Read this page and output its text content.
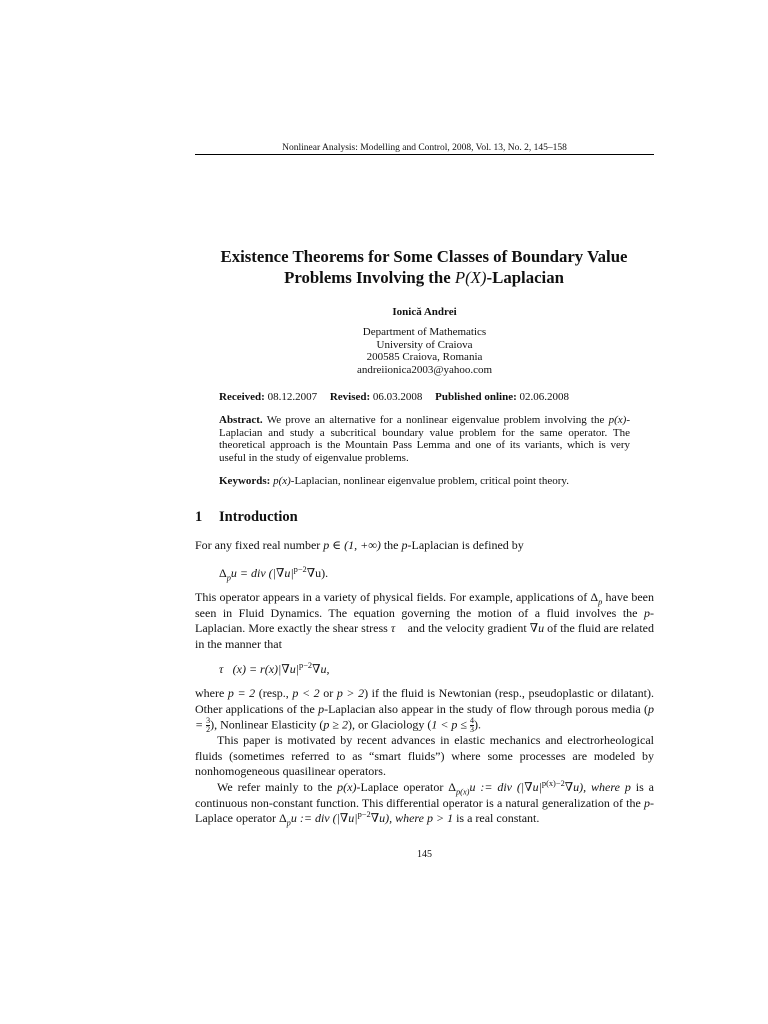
Nonlinear Analysis: Modelling and Control, 2008, Vol. 13, No. 2, 145–158
Existence Theorems for Some Classes of Boundary Value
Problems Involving the P(X)-Laplacian
Ionică Andrei
Department of Mathematics
University of Craiova
200585 Craiova, Romania
andreiionica2003@yahoo.com
Received: 08.12.2007 Revised: 06.03.2008 Published online: 02.06.2008
Abstract. We prove an alternative for a nonlinear eigenvalue problem involving the p(x)-Laplacian and study a subcritical boundary value problem for the same operator. The theoretical approach is the Mountain Pass Lemma and one of its variants, which is very useful in the study of eigenvalue problems.
Keywords: p(x)-Laplacian, nonlinear eigenvalue problem, critical point theory.
1 Introduction
For any fixed real number p ∈ (1, +∞) the p-Laplacian is defined by
$\Delta_pu$ = div $(|\nabla u|^{p-2}\nabla u)$.
This operator appears in a variety of physical fields. For example, applications of $\Delta_p$ have been seen in Fluid Dynamics. The equation governing the motion of a fluid involves the p-Laplacian. More exactly the shear stress τ⃗ and the velocity gradient ∇u of the fluid are related in the manner that
τ⃗(x) = $r(x)|\nabla u|^{p-2}\nabla u$,
where p = 2 (resp., p < 2 or p > 2) if the fluid is Newtonian (resp., pseudoplastic or dilatant). Other applications of the p-Laplacian also appear in the study of flow through porous media ($p = \frac{3}{2}$ ), Nonlinear Elasticity (p ≥ 2), or Glaciology ($1 < p \le \frac{4}{3}$ ).
This paper is motivated by recent advances in elastic mechanics and electrorheological fluids (sometimes referred to as “smart fluids”) where some processes are modeled by nonhomogeneous quasilinear operators.
We refer mainly to the p(x)-Laplace operator $\Delta_{p(x)}u$ := div $(|\nabla u|^{p(x)-2}\nabla u)$, where p is a continuous non-constant function. This differential operator is a natural generalization of the p-Laplace operator $\Delta_pu$ := div $(|\nabla u|^{p-2}\nabla u)$, where p > 1 is a real constant.
145
